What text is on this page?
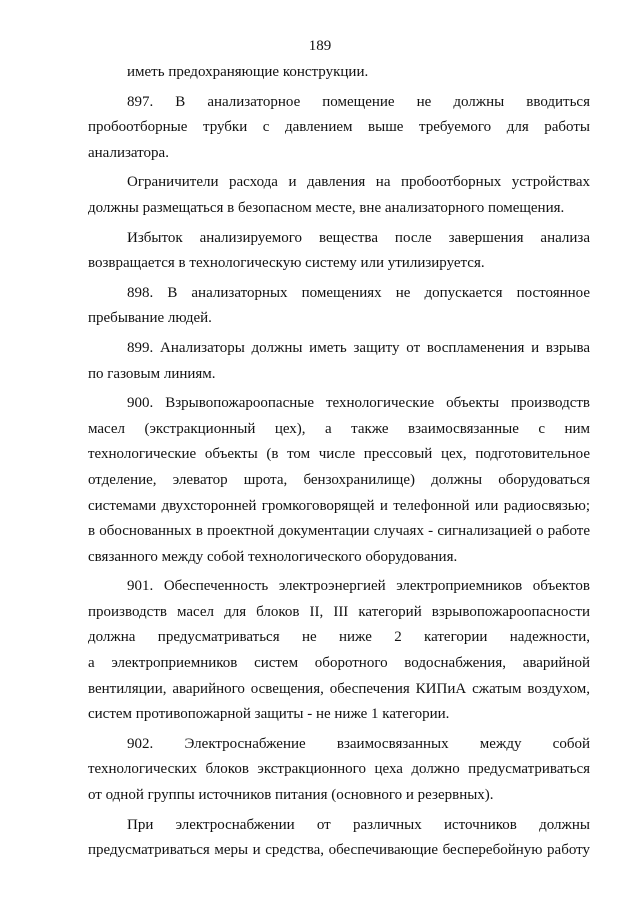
189
иметь предохраняющие конструкции.
897. В анализаторное помещение не должны вводиться
пробоотборные трубки с давлением выше требуемого для работы
анализатора.
Ограничители расхода и давления на пробоотборных устройствах
должны размещаться в безопасном месте, вне анализаторного помещения.
Избыток анализируемого вещества после завершения анализа
возвращается в технологическую систему или утилизируется.
898. В анализаторных помещениях не допускается постоянное
пребывание людей.
899. Анализаторы должны иметь защиту от воспламенения и взрыва
по газовым линиям.
900. Взрывопожароопасные технологические объекты производств
масел (экстракционный цех), а также взаимосвязанные с ним
технологические объекты (в том числе прессовый цех, подготовительное
отделение, элеватор шрота, бензохранилище) должны оборудоваться
системами двухсторонней громкоговорящей и телефонной или радиосвязью;
в обоснованных в проектной документации случаях - сигнализацией о работе
связанного между собой технологического оборудования.
901. Обеспеченность электроэнергией электроприемников объектов
производств масел для блоков II, III категорий взрывопожароопасности
должна предусматриваться не ниже 2 категории надежности,
а электроприемников систем оборотного водоснабжения, аварийной
вентиляции, аварийного освещения, обеспечения КИПиА сжатым воздухом,
систем противопожарной защиты - не ниже 1 категории.
902. Электроснабжение взаимосвязанных между собой
технологических блоков экстракционного цеха должно предусматриваться
от одной группы источников питания (основного и резервных).
При электроснабжении от различных источников должны
предусматриваться меры и средства, обеспечивающие бесперебойную работу
